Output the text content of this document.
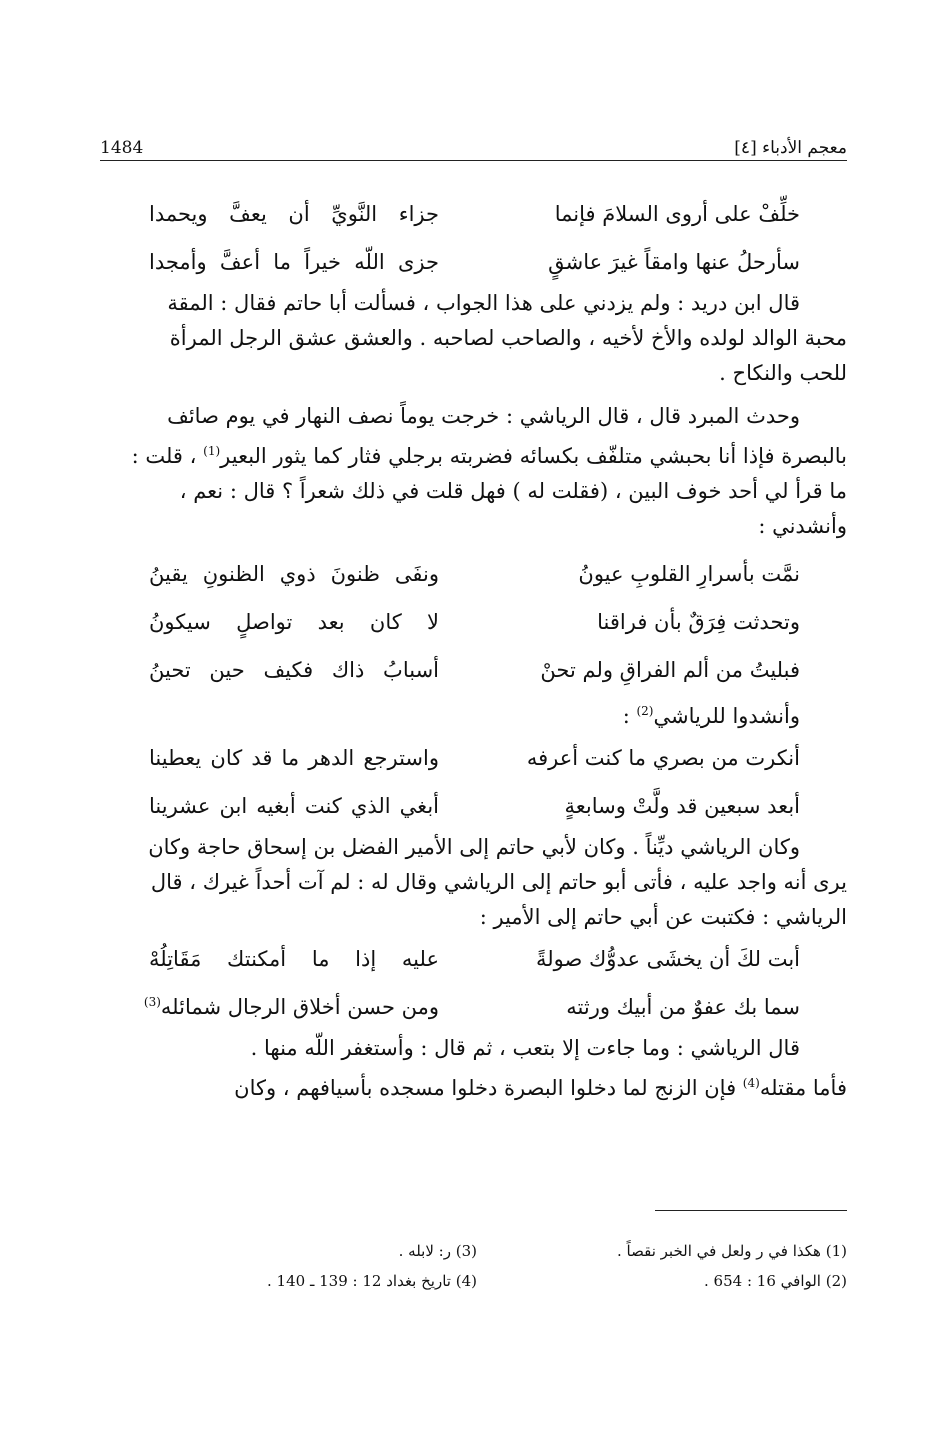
1484	معجم الأدباء [٤]
خلِّفْ على أروى السلامَ فإنما
جزاء النَّويِّ أن يعفَّ ويحمدا
سأرحلُ عنها وامقاً غيرَ عاشقٍ
جزى اللّه خيراً ما أعفَّ وأمجدا

قال ابن دريد : ولم يزدني على هذا الجواب ، فسألت أبا حاتم فقال : المقة

محبة الوالد لولده والأخ لأخيه ، والصاحب لصاحبه . والعشق عشق الرجل المرأة

للحب والنكاح .

وحدث المبرد قال ، قال الرياشي : خرجت يوماً نصف النهار في يوم صائف

بالبصرة فإذا أنا بحبشي متلفّف بكسائه فضربته برجلي فثار كما يثور البعير$^{(1)}$ ، قلت :

ما قرأ لي أحد خوف البين ، (فقلت له ) فهل قلت في ذلك شعراً ؟ قال : نعم ،

وأنشدني :

نمَّت بأسرارِ القلوبِ عيونُ
ونفَى ظنونَ ذوي الظنونِ يقينُ
وتحدثت فِرَقٌ بأن فراقنا
لا كان بعد تواصلٍ سيكونُ
فبليتُ من ألم الفراقِ ولم تحنْ
أسبابُ ذاك فكيف حين تحينُ

وأنشدوا للرياشي$^{(2)}$ :

أنكرت من بصري ما كنت أعرفه
واسترجع الدهر ما قد كان يعطينا
أبعد سبعين قد ولَّتْ وسابعةٍ
أبغي الذي كنت أبغيه ابن عشرينا

وكان الرياشي ديِّناً . وكان لأبي حاتم إلى الأمير الفضل بن إسحاق حاجة وكان

يرى أنه واجد عليه ، فأتى أبو حاتم إلى الرياشي وقال له : لم آت أحداً غيرك ، قال

الرياشي : فكتبت عن أبي حاتم إلى الأمير :

أبت لكَ أن يخشَى عدوُّك صولةً
عليه إذا ما أمكنتك مَقَاتِلُهْ
سما بك عفوٌ من أبيك ورثته
ومن حسن أخلاق الرجال شمائله$^{(3)}$

قال الرياشي : وما جاءت إلا بتعب ، ثم قال : وأستغفر اللّه منها .

فأما مقتله$^{(4)}$ فإن الزنج لما دخلوا البصرة دخلوا مسجده بأسيافهم ، وكان

(1) هكذا في ر ولعل في الخبر نقصاً .
(2) الوافي 16 : 654 .
(3) ر: لابله .
(4) تاريخ بغداد 12 : 139 ـ 140 .
